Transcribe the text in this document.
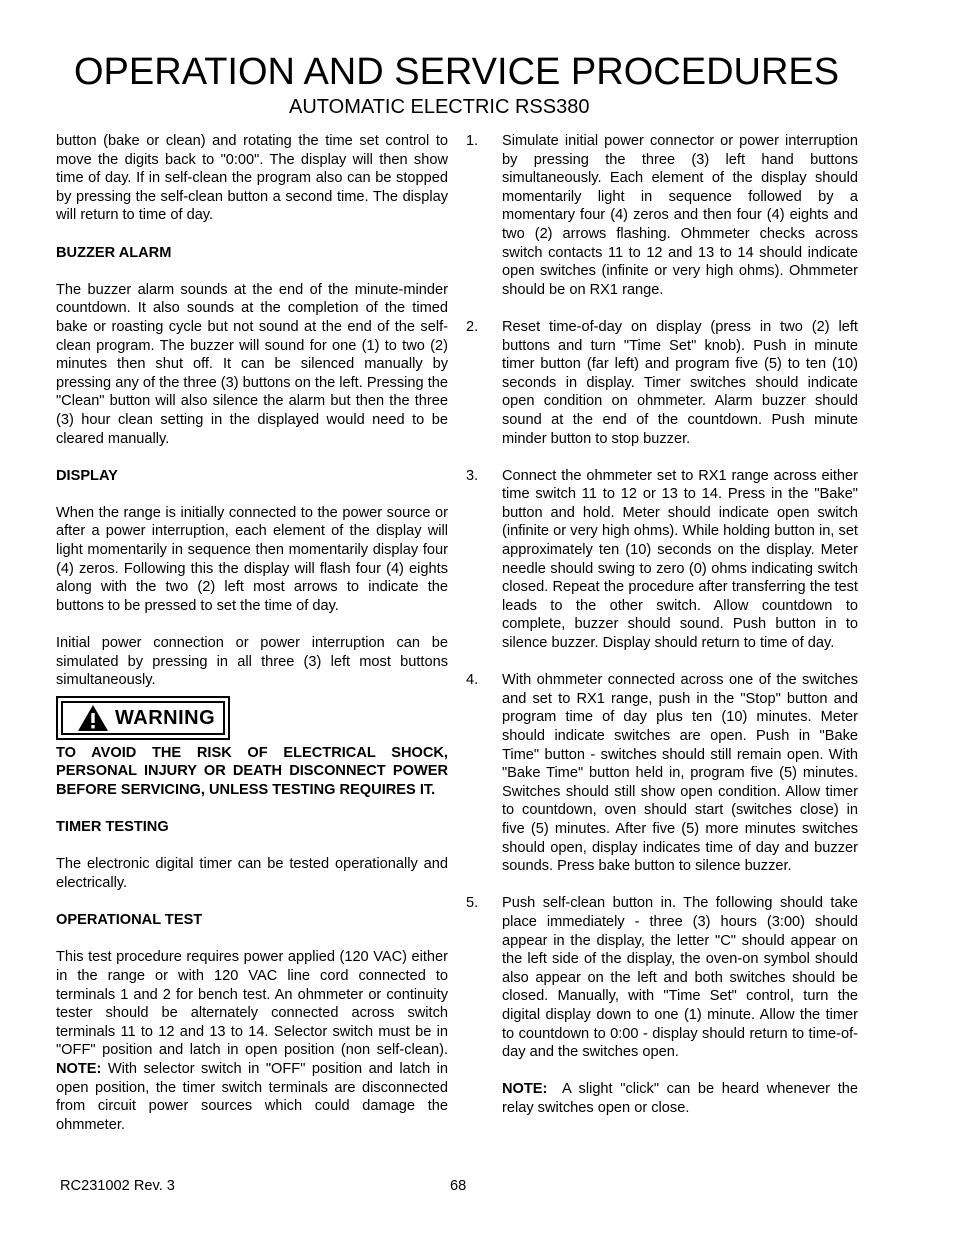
OPERATION AND SERVICE PROCEDURES
AUTOMATIC ELECTRIC RSS380

button (bake or clean) and rotating the time set control to move the digits back to "0:00". The display will then show time of day. If in self-clean the program also can be stopped by pressing the self-clean button a second time. The display will return to time of day.

BUZZER ALARM

The buzzer alarm sounds at the end of the minute-minder countdown. It also sounds at the completion of the timed bake or roasting cycle but not sound at the end of the self-clean program. The buzzer will sound for one (1) to two (2) minutes then shut off. It can be silenced manually by pressing any of the three (3) buttons on the left. Pressing the "Clean" button will also silence the alarm but then the three (3) hour clean setting in the displayed would need to be cleared manually.

DISPLAY

When the range is initially connected to the power source or after a power interruption, each element of the display will light momentarily in sequence then momentarily display four (4) zeros. Following this the display will flash four (4) eights along with the two (2) left most arrows to indicate the buttons to be pressed to set the time of day.

Initial power connection or power interruption can be simulated by pressing in all three (3) left most buttons simultaneously.

WARNING
TO AVOID THE RISK OF ELECTRICAL SHOCK, PERSONAL INJURY OR DEATH DISCONNECT POWER BEFORE SERVICING, UNLESS TESTING REQUIRES IT.
TIMER TESTING

The electronic digital timer can be tested operationally and electrically.

OPERATIONAL TEST

This test procedure requires power applied (120 VAC) either in the range or with 120 VAC line cord connected to terminals 1 and 2 for bench test. An ohmmeter or continuity tester should be alternately connected across switch terminals 11 to 12 and 13 to 14. Selector switch must be in "OFF" position and latch in open position (non self-clean). NOTE: With selector switch in "OFF" position and latch in open position, the timer switch terminals are disconnected from circuit power sources which could damage the ohmmeter.

1.	Simulate initial power connector or power interruption by pressing the three (3) left hand buttons simultaneously. Each element of the display should momentarily light in sequence followed by a momentary four (4) zeros and then four (4) eights and two (2) arrows flashing. Ohmmeter checks across switch contacts 11 to 12 and 13 to 14 should indicate open switches (infinite or very high ohms). Ohmmeter should be on RX1 range.
2.	Reset time-of-day on display (press in two (2) left buttons and turn "Time Set" knob). Push in minute timer button (far left) and program five (5) to ten (10) seconds in display. Timer switches should indicate open condition on ohmmeter. Alarm buzzer should sound at the end of the countdown. Push minute minder button to stop buzzer.
3.	Connect the ohmmeter set to RX1 range across either time switch 11 to 12 or 13 to 14. Press in the "Bake" button and hold. Meter should indicate open switch (infinite or very high ohms). While holding button in, set approximately ten (10) seconds on the display. Meter needle should swing to zero (0) ohms indicating switch closed. Repeat the procedure after transferring the test leads to the other switch. Allow countdown to complete, buzzer should sound. Push button in to silence buzzer. Display should return to time of day.
4.	With ohmmeter connected across one of the switches and set to RX1 range, push in the "Stop" button and program time of day plus ten (10) minutes. Meter should indicate switches are open. Push in "Bake Time" button - switches should still remain open. With "Bake Time" button held in, program five (5) minutes. Switches should still show open condition. Allow timer to countdown, oven should start (switches close) in five (5) minutes. After five (5) more minutes switches should open, display indicates time of day and buzzer sounds. Press bake button to silence buzzer.
5.	Push self-clean button in. The following should take place immediately - three (3) hours (3:00) should appear in the display, the letter "C" should appear on the left side of the display, the oven-on symbol should also appear on the left and both switches should be closed. Manually, with "Time Set" control, turn the digital display down to one (1) minute. Allow the timer to countdown to 0:00 - display should return to time-of-day and the switches open.
NOTE: A slight "click" can be heard whenever the relay switches open or close.
RC231002 Rev. 3	68
